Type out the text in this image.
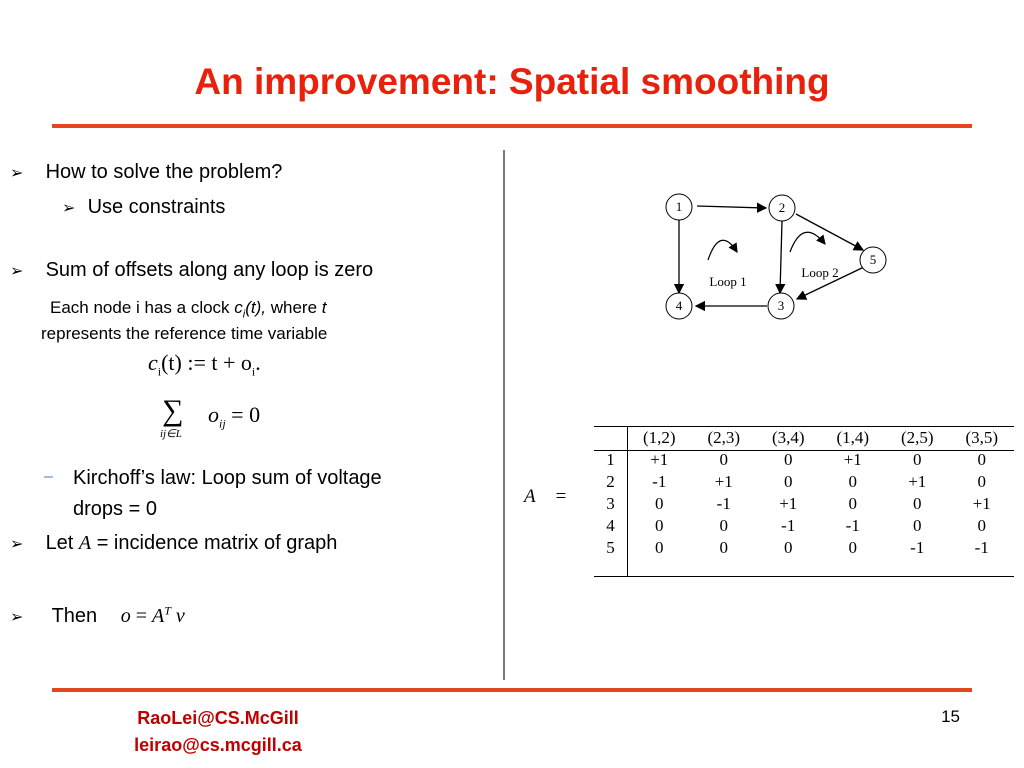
An improvement: Spatial smoothing
➢ How to solve the problem?
➢ Use constraints
➢ Sum of offsets along any loop is zero
Each node i has a clock $c_i(t)$, where t
represents the reference time variable
$c_i(t)$ := $t + o_i$.
∑
ij∈L
$o_{ij} = 0$
– Kirchoff’s law: Loop sum of voltage
drops = 0
➢ Let A = incidence matrix of graph
➢ Then $o = A^T$ v
1	2
3
4
5
Loop 1
Loop 2
A =
	(1,2)	(2,3)	(3,4)	(1,4)	(2,5)	(3,5)
1	+1	0	0	+1	0	0
2	-1	+1	0	0	+1	0
3	0	-1	+1	0	0	+1
4	0	0	-1	-1	0	0
5	0	0	0	0	-1	-1
RaoLei@CS.McGill
leirao@cs.mcgill.ca
15
